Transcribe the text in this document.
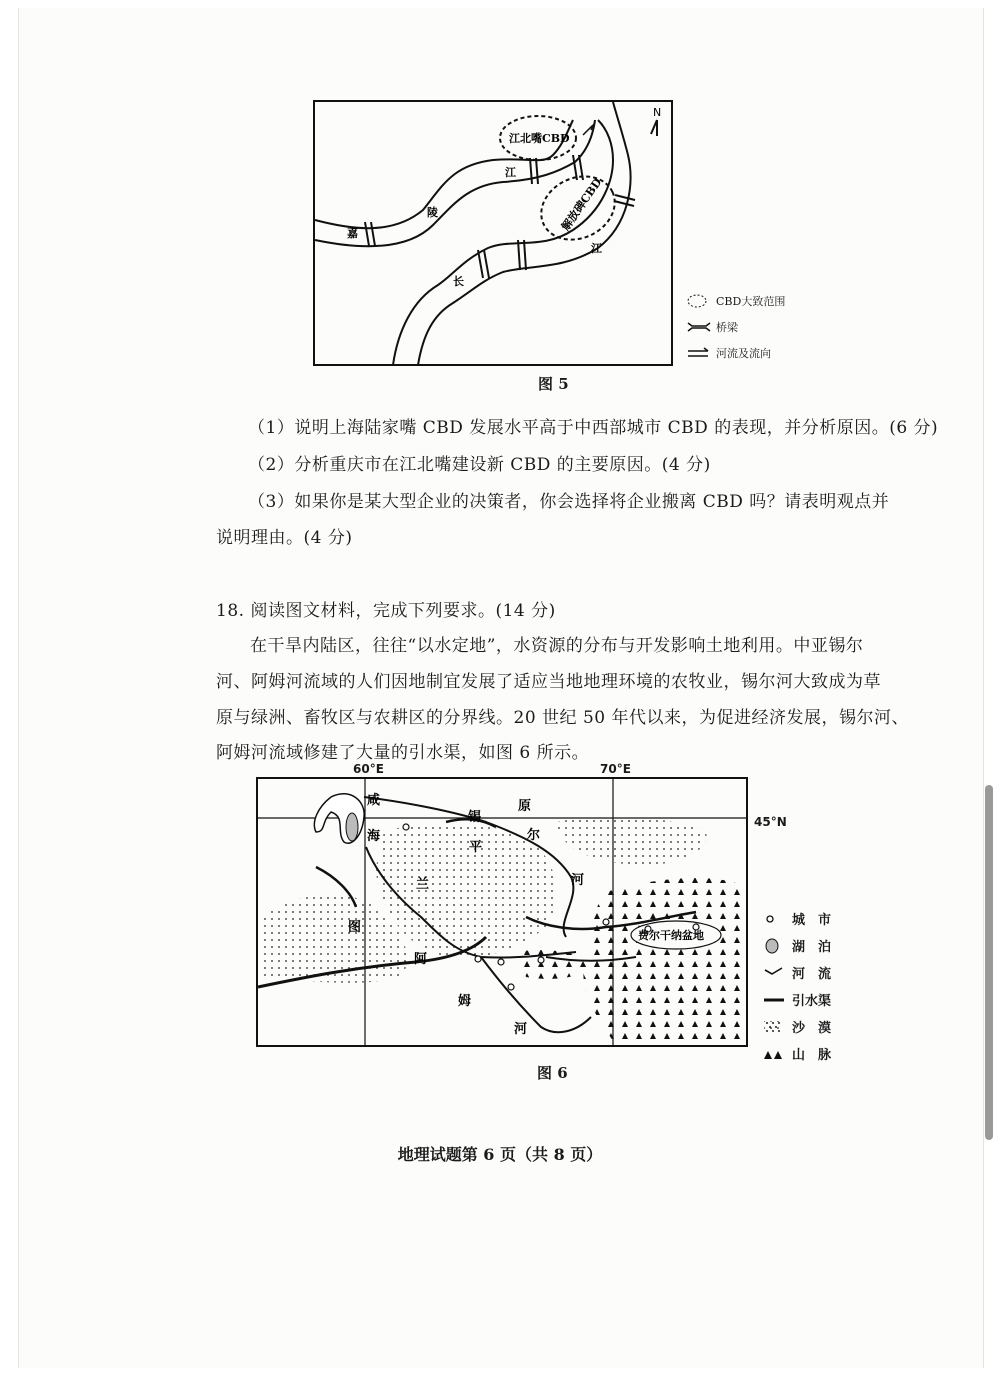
N
江北嘴CBD
解放碑CBD
嘉
陵
江
长
江
CBD大致范围
桥梁
河流及流向
图 5
（1）说明上海陆家嘴 CBD 发展水平高于中西部城市 CBD 的表现，并分析原因。(6 分)
（2）分析重庆市在江北嘴建设新 CBD 的主要原因。(4 分)
（3）如果你是某大型企业的决策者，你会选择将企业搬离 CBD 吗？请表明观点并
说明理由。(4 分)
18. 阅读图文材料，完成下列要求。(14 分)
在干旱内陆区，往往“以水定地”，水资源的分布与开发影响土地利用。中亚锡尔
河、阿姆河流域的人们因地制宜发展了适应当地地理环境的农牧业，锡尔河大致成为草
原与绿洲、畜牧区与农耕区的分界线。20 世纪 50 年代以来，为促进经济发展，锡尔河、
阿姆河流域修建了大量的引水渠，如图 6 所示。
60°E	70°E
45°N
咸
海
锡
原
尔
河
平
兰
图
阿
姆
河
费尔干纳盆地
城　市
湖　泊
河　流
引水渠
沙　漠
山　脉
图 6
地理试题第 6 页（共 8 页）
